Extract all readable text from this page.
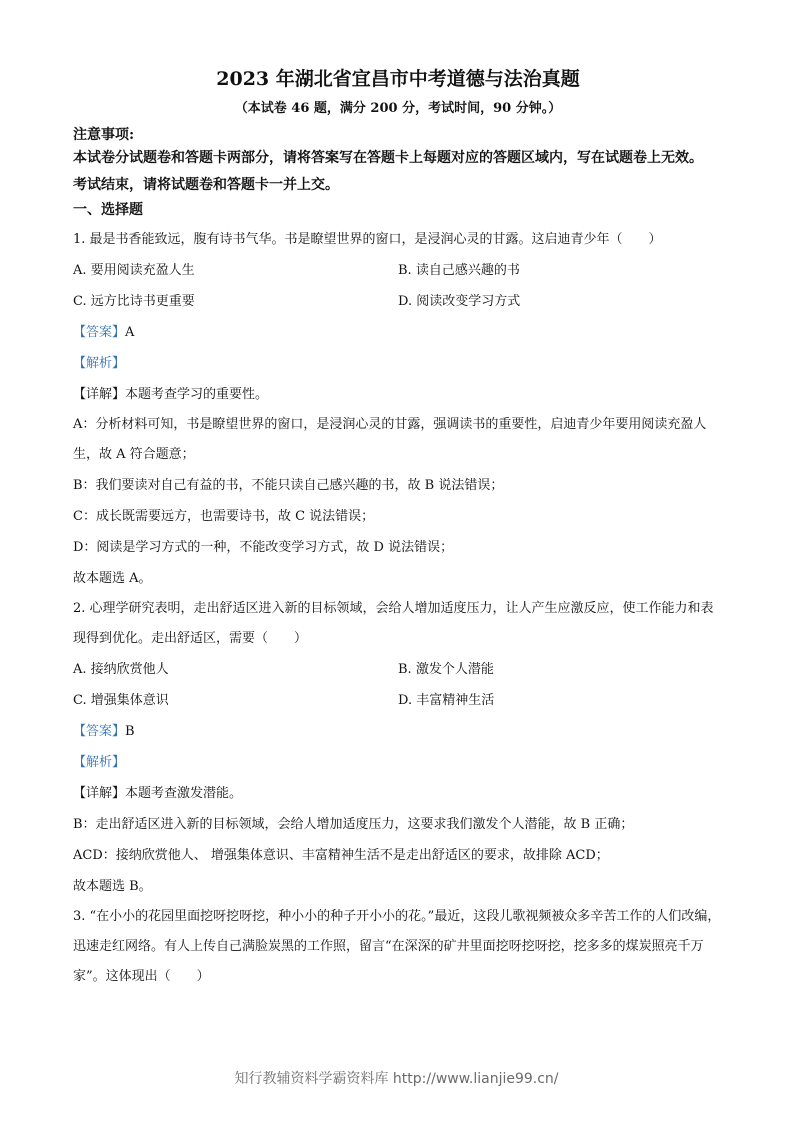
2023 年湖北省宜昌市中考道德与法治真题
（本试卷 46 题，满分 200 分，考试时间，90 分钟。）
注意事项:
本试卷分试题卷和答题卡两部分，请将答案写在答题卡上每题对应的答题区域内，写在试题卷上无效。
考试结束，请将试题卷和答题卡一并上交。
一、选择题

1. 最是书香能致远，腹有诗书气华。书是瞭望世界的窗口，是浸润心灵的甘露。这启迪青少年（　　）

A. 要用阅读充盈人生	B. 读自己感兴趣的书
C. 远方比诗书更重要	D. 阅读改变学习方式

【答案】A

【解析】

【详解】本题考查学习的重要性。

A：分析材料可知，书是瞭望世界的窗口，是浸润心灵的甘露，强调读书的重要性，启迪青少年要用阅读充盈人生，故 A 符合题意；

B：我们要读对自己有益的书，不能只读自己感兴趣的书，故 B 说法错误；

C：成长既需要远方，也需要诗书，故 C 说法错误；

D：阅读是学习方式的一种，不能改变学习方式，故 D 说法错误；

故本题选 A。

2. 心理学研究表明，走出舒适区进入新的目标领域，会给人增加适度压力，让人产生应激反应，使工作能力和表现得到优化。走出舒适区，需要（　　）

A. 接纳欣赏他人	B. 激发个人潜能
C. 增强集体意识	D. 丰富精神生活

【答案】B

【解析】

【详解】本题考查激发潜能。

B：走出舒适区进入新的目标领域，会给人增加适度压力，这要求我们激发个人潜能，故 B 正确；

ACD：接纳欣赏他人、 增强集体意识、丰富精神生活不是走出舒适区的要求，故排除 ACD；

故本题选 B。

3. “在小小的花园里面挖呀挖呀挖，种小小的种子开小小的花。”最近，这段儿歌视频被众多辛苦工作的人们改编，迅速走红网络。有人上传自己满脸炭黑的工作照，留言“在深深的矿井里面挖呀挖呀挖，挖多多的煤炭照亮千万家”。这体现出（　　）

知行教辅资料学霸资料库 http://www.lianjie99.cn/
